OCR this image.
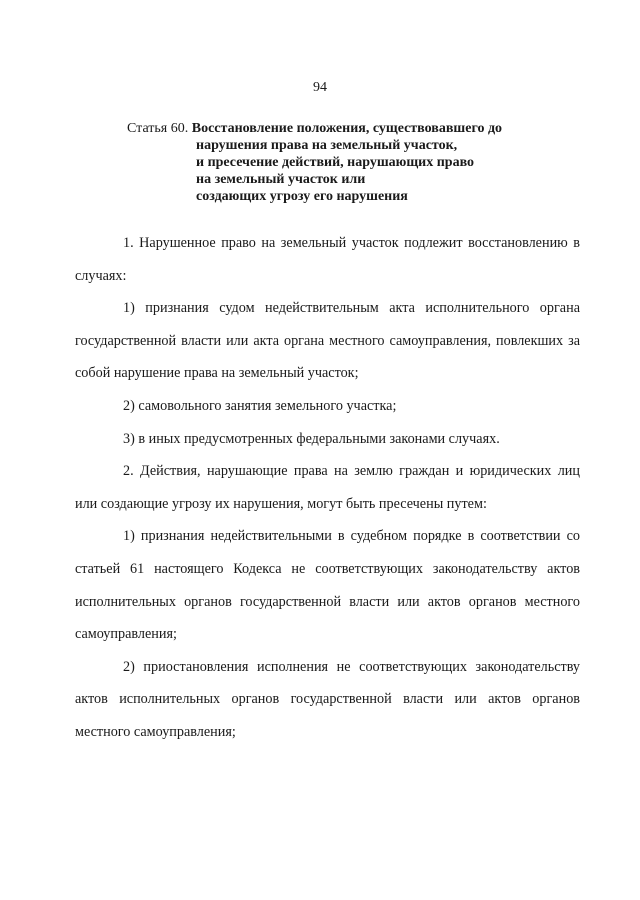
94
Статья 60. Восстановление положения, существовавшего до
нарушения права на земельный участок,
и пресечение действий, нарушающих право
на земельный участок или
создающих угрозу его нарушения

1. Нарушенное право на земельный участок подлежит восстановлению в случаях:

1) признания судом недействительным акта исполнительного органа государственной власти или акта органа местного самоуправления, повлекших за собой нарушение права на земельный участок;

2) самовольного занятия земельного участка;

3) в иных предусмотренных федеральными законами случаях.

2. Действия, нарушающие права на землю граждан и юридических лиц или создающие угрозу их нарушения, могут быть пресечены путем:

1) признания недействительными в судебном порядке в соответствии со статьей 61 настоящего Кодекса не соответствующих законодательству актов исполнительных органов государственной власти или актов органов местного самоуправления;

2) приостановления исполнения не соответствующих законодательству актов исполнительных органов государственной власти или актов органов местного самоуправления;
